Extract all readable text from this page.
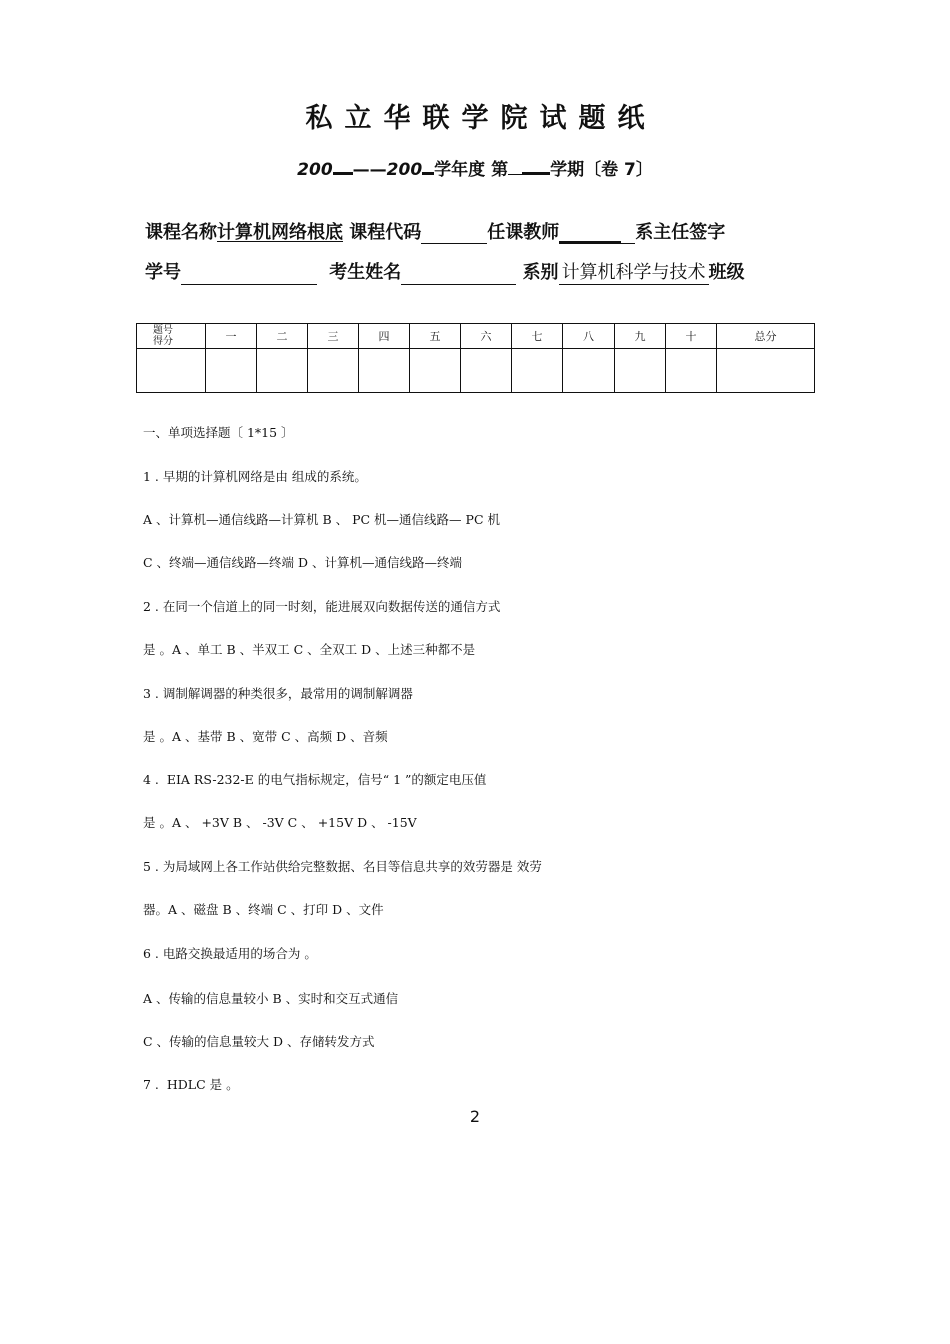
私立华联学院试题纸
200 ——200 学年度 第 学期〔卷 7〕
课程名称计算机网络根底 课程代码	任课教师	系主任签字
学号	考生姓名	系别 计算机科学与技术 班级
题号
得分	一	二	三	四	五	六	七	八	九	十	总分

一、单项选择题〔 1*15 〕
1 . 早期的计算机网络是由 组成的系统。
A 、计算机—通信线路—计算机 B 、 PC 机—通信线路— PC 机
C 、终端—通信线路—终端 D 、计算机—通信线路—终端
2 . 在同一个信道上的同一时刻，能进展双向数据传送的通信方式
是 。A 、单工 B 、半双工 C 、全双工 D 、上述三种都不是
3 . 调制解调器的种类很多，最常用的调制解调器
是 。A 、基带 B 、宽带 C 、高频 D 、音频
4 .  EIA RS-232-E 的电气指标规定，信号“ 1 ”的额定电压值
是 。A 、 +3V B 、 -3V C 、 +15V D 、 -15V
5 . 为局域网上各工作站供给完整数据、名目等信息共享的效劳器是 效劳
器。A 、磁盘 B 、终端 C 、打印 D 、文件
6 . 电路交换最适用的场合为 。
A 、传输的信息量较小 B 、实时和交互式通信
C 、传输的信息量较大 D 、存储转发方式
7 .  HDLC 是 。
2
